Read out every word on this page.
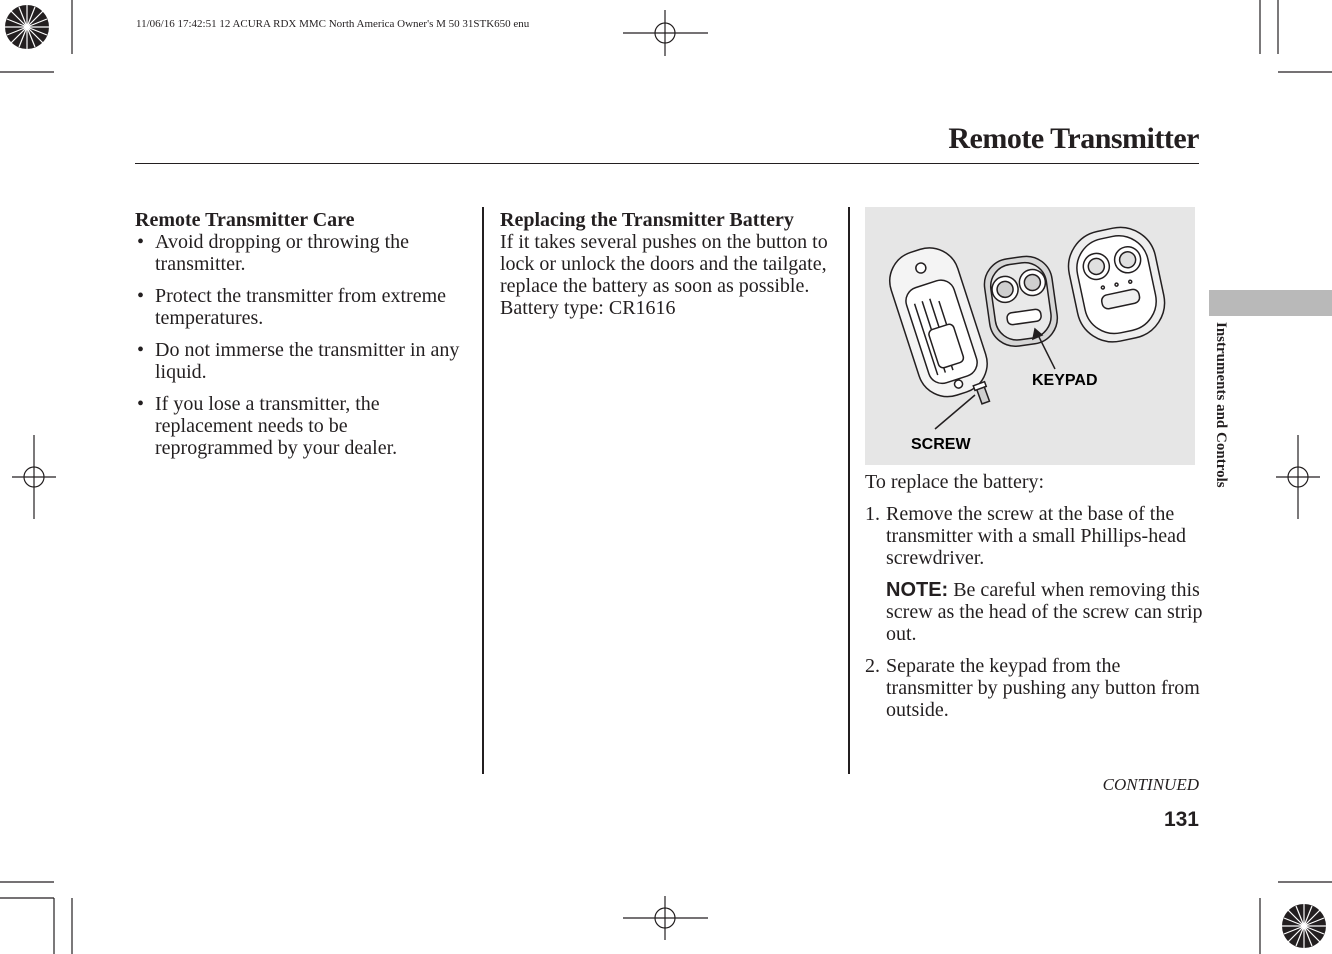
11/06/16 17:42:51 12 ACURA RDX MMC North America Owner's M 50 31STK650 enu
Remote Transmitter
Remote Transmitter Care
• Avoid dropping or throwing the transmitter.
• Protect the transmitter from extreme temperatures.
• Do not immerse the transmitter in any liquid.
• If you lose a transmitter, the replacement needs to be reprogrammed by your dealer.
Replacing the Transmitter Battery
If it takes several pushes on the button to lock or unlock the doors and the tailgate, replace the battery as soon as possible.
Battery type: CR1616
KEYPAD
SCREW
To replace the battery:
1. Remove the screw at the base of the transmitter with a small Phillips-head screwdriver.
NOTE: Be careful when removing this screw as the head of the screw can strip out.
2. Separate the keypad from the transmitter by pushing any button from outside.
Instruments and Controls
CONTINUED
131
